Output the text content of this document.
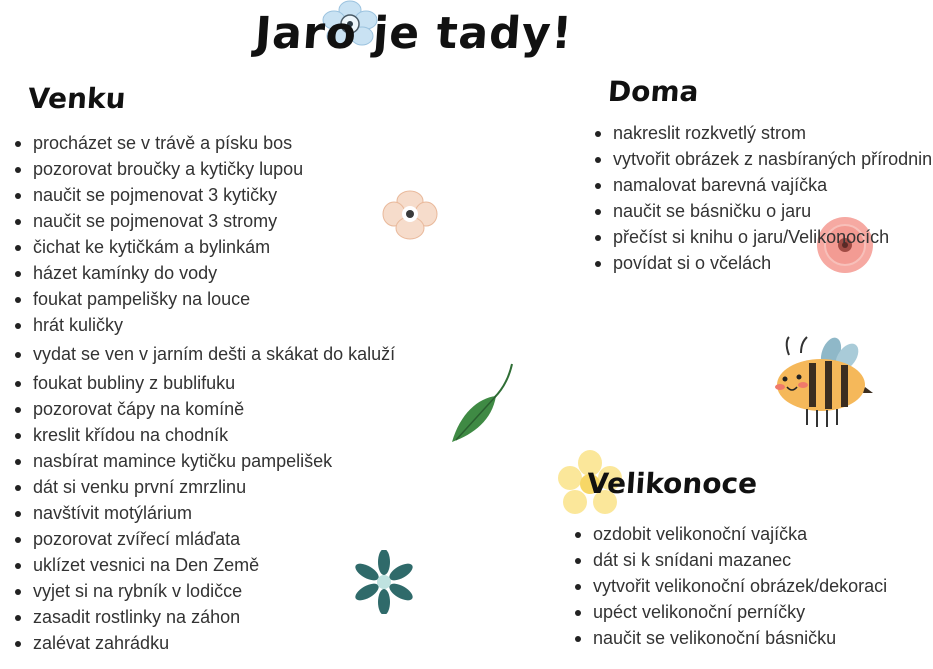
Jaro je tady!
Venku
procházet se v trávě a písku bos
pozorovat broučky a kytičky lupou
naučit se pojmenovat 3 kytičky
naučit se pojmenovat 3 stromy
čichat ke kytičkám a bylinkám
házet kamínky do vody
foukat pampelišky na louce
hrát kuličky
vydat se ven v jarním dešti a skákat do kaluží
foukat bubliny z bublifuku
pozorovat čápy na komíně
kreslit křídou na chodník
nasbírat mamince kytičku pampelišek
dát si venku první zmrzlinu
navštívit motýlárium
pozorovat zvířecí mláďata
uklízet vesnici na Den Země
vyjet si na rybník v lodičce
zasadit rostlinky na záhon
zalévat zahrádku
Doma
nakreslit rozkvetlý strom
vytvořit obrázek z nasbíraných přírodnin
namalovat barevná vajíčka
naučit se básničku o jaru
přečíst si knihu o jaru/Velikonocích
povídat si o včelách
Velikonoce
ozdobit velikonoční vajíčka
dát si k snídani mazanec
vytvořit velikonoční obrázek/dekoraci
upéct velikonoční perníčky
naučit se velikonoční básničku
